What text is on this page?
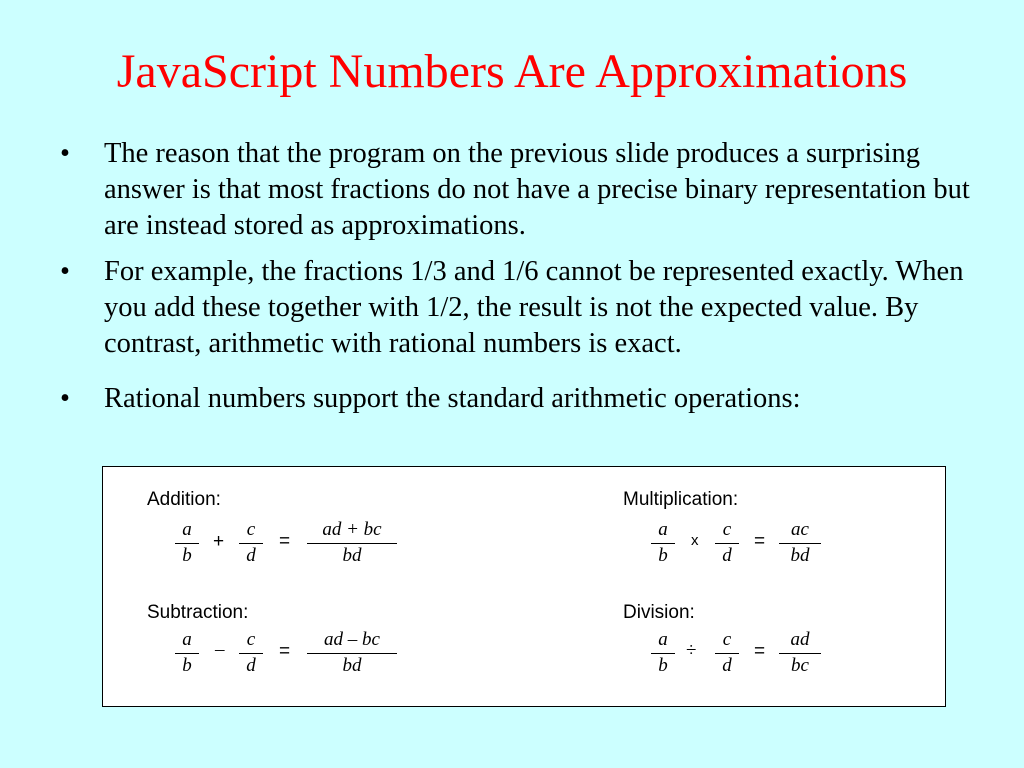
JavaScript Numbers Are Approximations
• The reason that the program on the previous slide produces a surprising answer is that most fractions do not have a precise binary representation but are instead stored as approximations.
• For example, the fractions 1/3 and 1/6 cannot be represented exactly. When you add these together with 1/2, the result is not the expected value. By contrast, arithmetic with rational numbers is exact.
• Rational numbers support the standard arithmetic operations:
Addition:
a
b
+
c
d
=
ad + bc
bd
Subtraction:
a
b
–	c
d
=
ad – bc
bd
Multiplication:
a
b
x
c
d
=
ac
bd
Division:
a
b
÷
c
d
=
ad
bc
